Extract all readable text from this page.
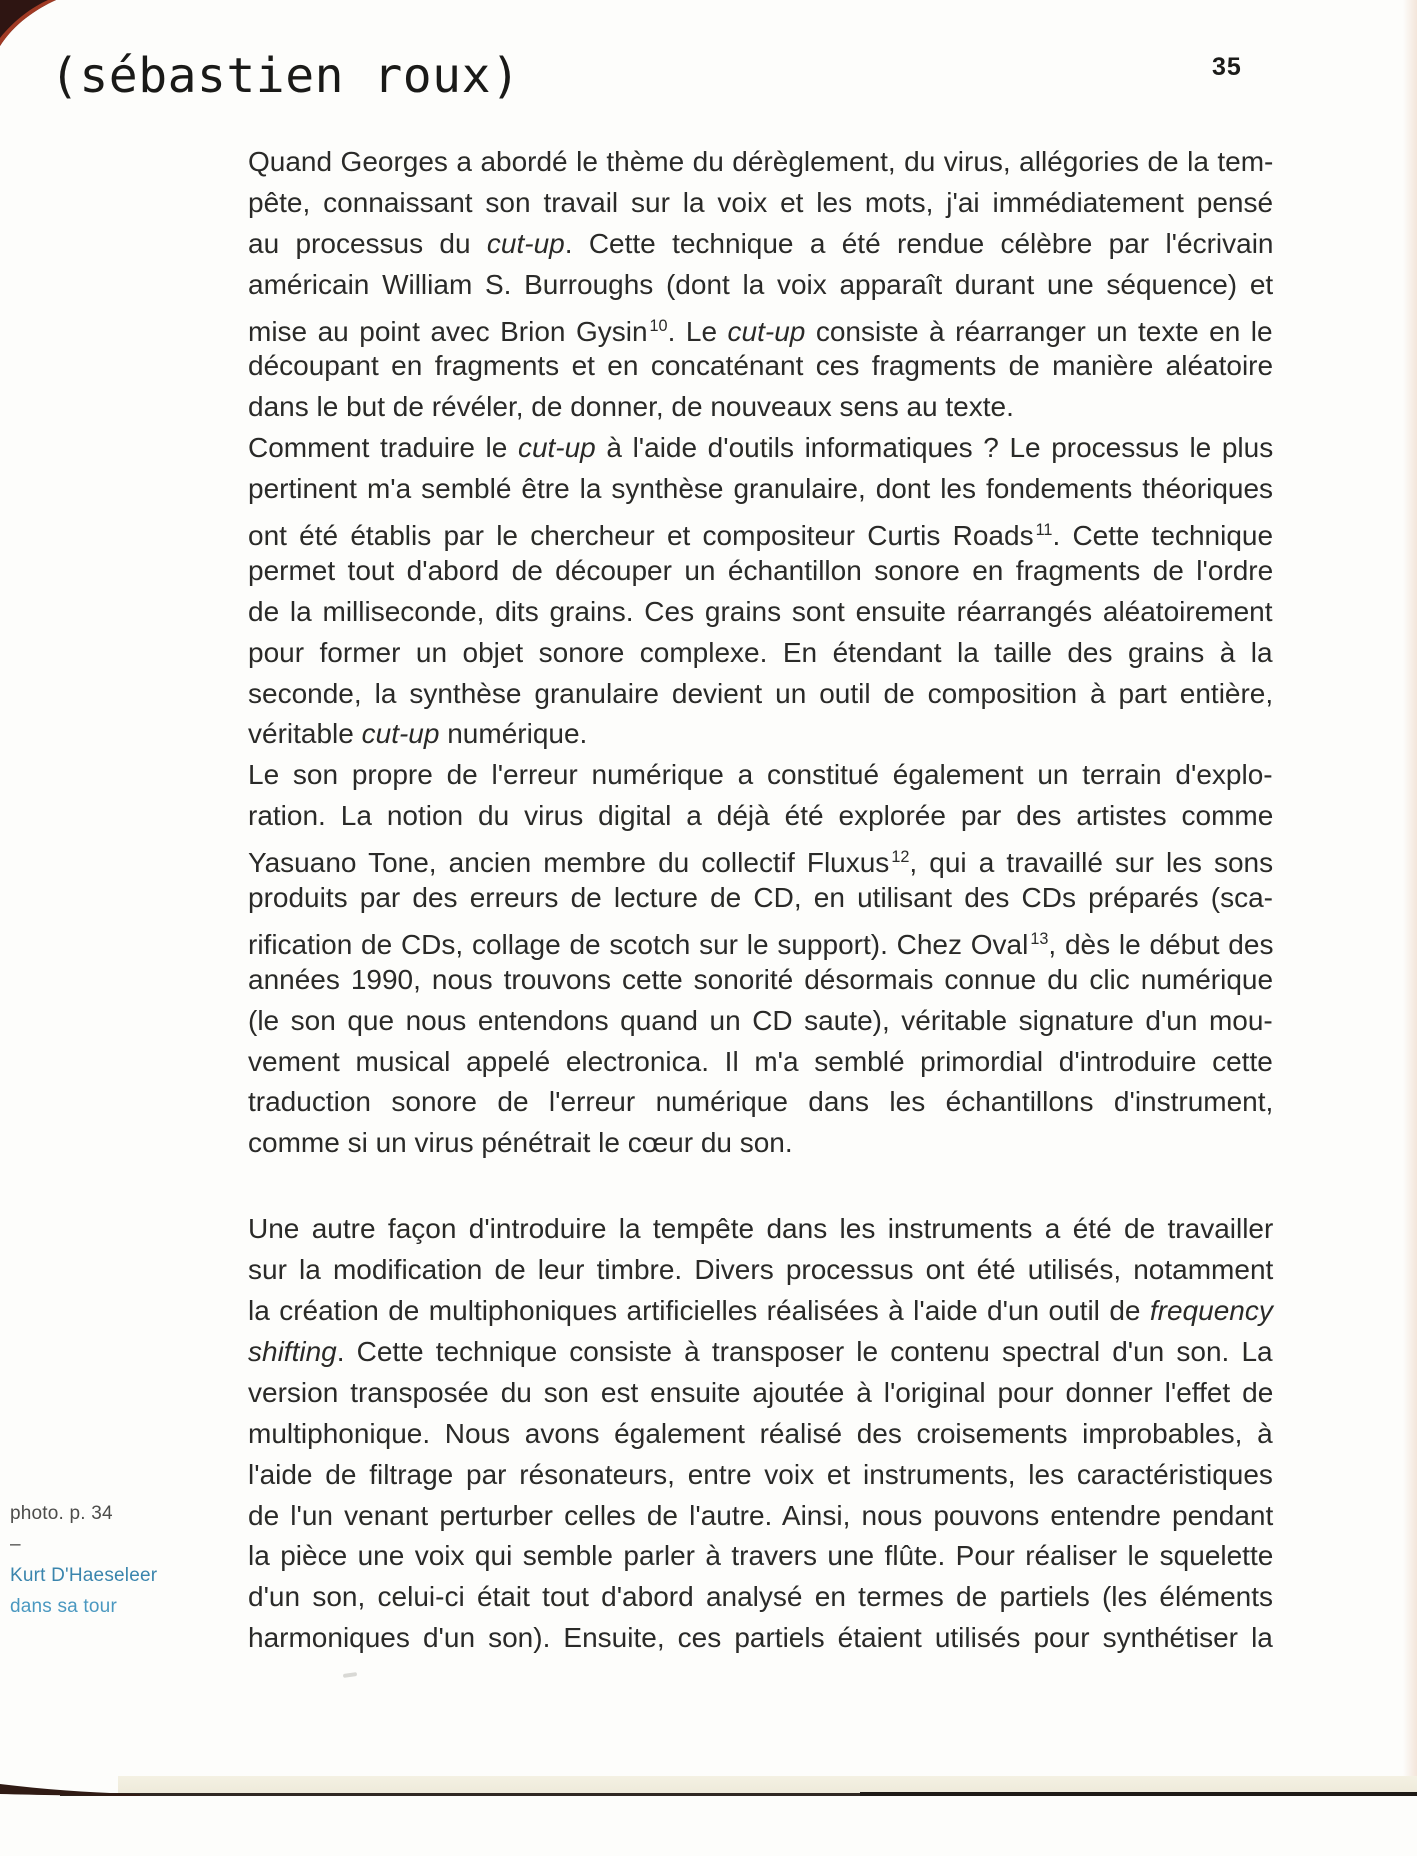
(sébastien roux)	35
Quand Georges a abordé le thème du dérèglement, du virus, allégories de la tem-
pête, connaissant son travail sur la voix et les mots, j'ai immédiatement pensé
au processus du cut-up. Cette technique a été rendue célèbre par l'écrivain
américain William S. Burroughs (dont la voix apparaît durant une séquence) et
mise au point avec Brion Gysin $^{10}$. Le cut-up consiste à réarranger un texte en le
découpant en fragments et en concaténant ces fragments de manière aléatoire
dans le but de révéler, de donner, de nouveaux sens au texte.
Comment traduire le cut-up à l'aide d'outils informatiques ? Le processus le plus
pertinent m'a semblé être la synthèse granulaire, dont les fondements théoriques
ont été établis par le chercheur et compositeur Curtis Roads $^{11}$. Cette technique
permet tout d'abord de découper un échantillon sonore en fragments de l'ordre
de la milliseconde, dits grains. Ces grains sont ensuite réarrangés aléatoirement
pour former un objet sonore complexe. En étendant la taille des grains à la
seconde, la synthèse granulaire devient un outil de composition à part entière,
véritable cut-up numérique.
Le son propre de l'erreur numérique a constitué également un terrain d'explo-
ration. La notion du virus digital a déjà été explorée par des artistes comme
Yasuano Tone, ancien membre du collectif Fluxus $^{12}$, qui a travaillé sur les sons
produits par des erreurs de lecture de CD, en utilisant des CDs préparés (sca-
rification de CDs, collage de scotch sur le support). Chez Oval $^{13}$, dès le début des
années 1990, nous trouvons cette sonorité désormais connue du clic numérique
(le son que nous entendons quand un CD saute), véritable signature d'un mou-
vement musical appelé electronica. Il m'a semblé primordial d'introduire cette
traduction sonore de l'erreur numérique dans les échantillons d'instrument,
comme si un virus pénétrait le cœur du son.
Une autre façon d'introduire la tempête dans les instruments a été de travailler
sur la modification de leur timbre. Divers processus ont été utilisés, notamment
la création de multiphoniques artificielles réalisées à l'aide d'un outil de frequency
shifting. Cette technique consiste à transposer le contenu spectral d'un son. La
version transposée du son est ensuite ajoutée à l'original pour donner l'effet de
multiphonique. Nous avons également réalisé des croisements improbables, à
l'aide de filtrage par résonateurs, entre voix et instruments, les caractéristiques
de l'un venant perturber celles de l'autre. Ainsi, nous pouvons entendre pendant
la pièce une voix qui semble parler à travers une flûte. Pour réaliser le squelette
d'un son, celui-ci était tout d'abord analysé en termes de partiels (les éléments
harmoniques d'un son). Ensuite, ces partiels étaient utilisés pour synthétiser la
photo. p. 34
–
Kurt D'Haeseleer
dans sa tour
